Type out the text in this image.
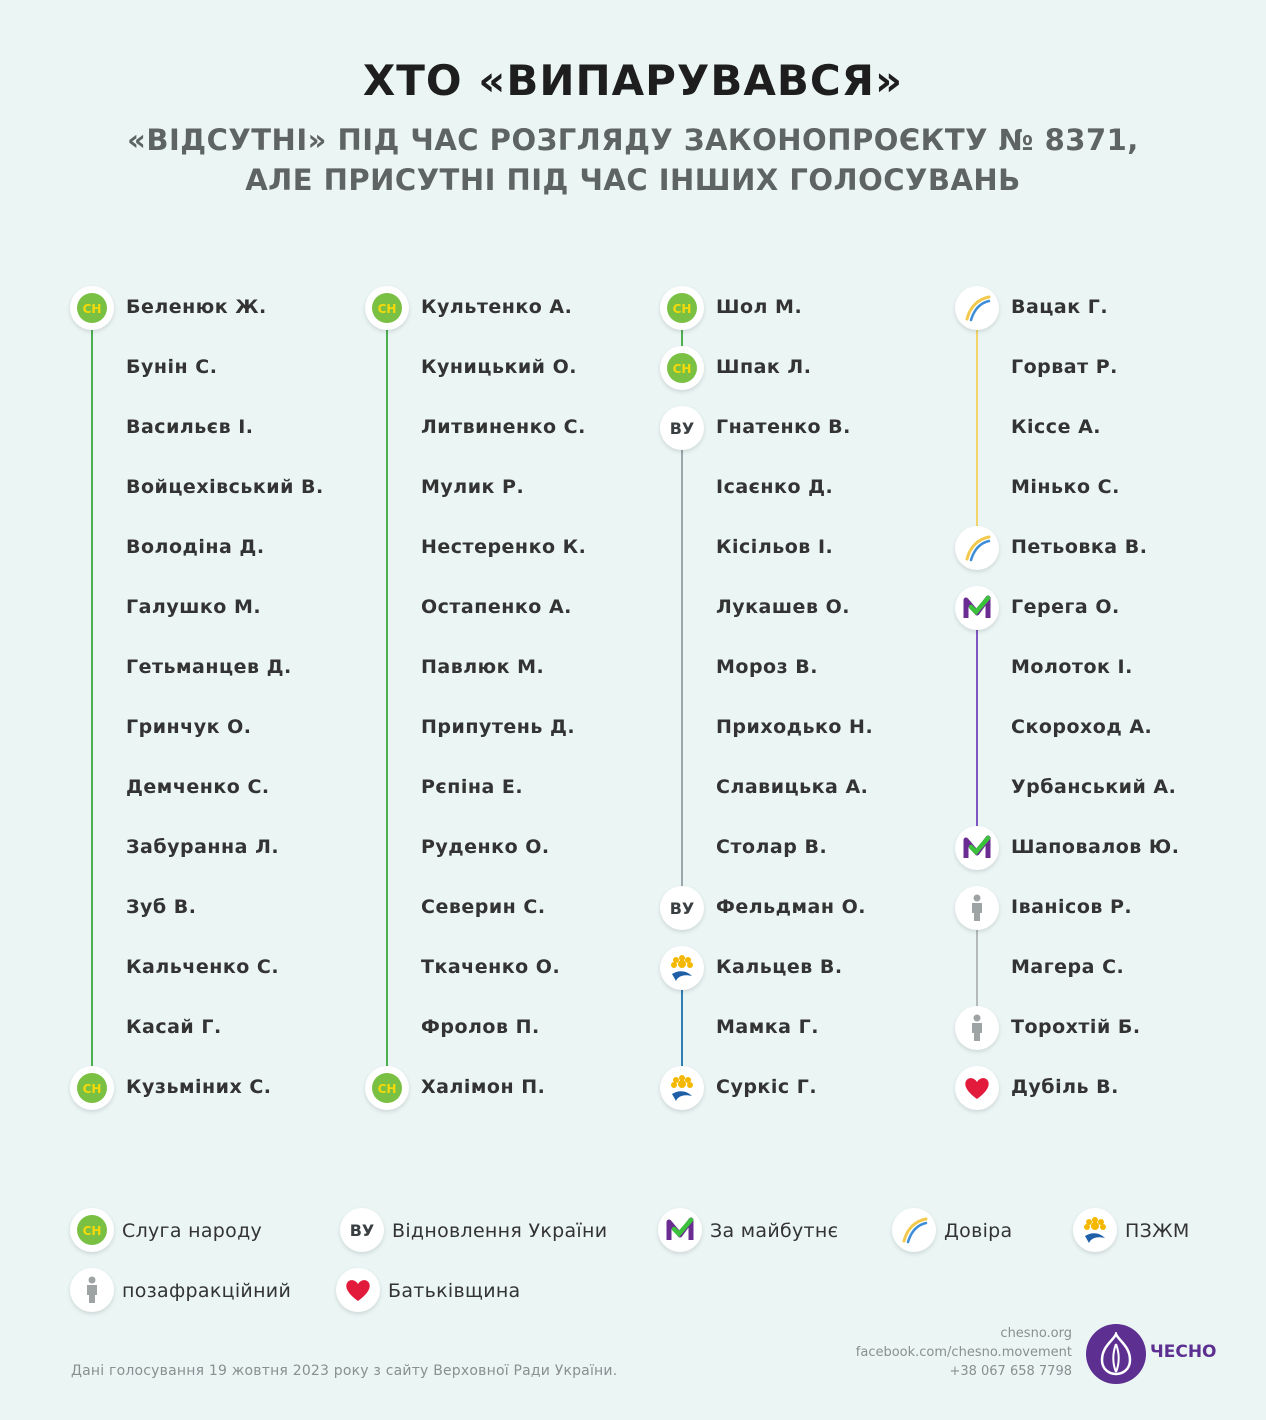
ХТО «ВИПАРУВАВСЯ»
«ВІДСУТНІ» ПІД ЧАС РОЗГЛЯДУ ЗАКОНОПРОЄКТУ № 8371,
АЛЕ ПРИСУТНІ ПІД ЧАС ІНШИХ ГОЛОСУВАНЬ
СН Беленюк Ж.
Бунін С.
Васильєв І.
Войцехівський В.
Володіна Д.
Галушко М.
Гетьманцев Д.
Гринчук О.
Демченко С.
Забуранна Л.
Зуб В.
Кальченко С.
Касай Г.
СН Кузьміних С.
СН Культенко А.
Куницький О.
Литвиненко С.
Мулик Р.
Нестеренко К.
Остапенко А.
Павлюк М.
Припутень Д.
Рєпіна Е.
Руденко О.
Северин С.
Ткаченко О.
Фролов П.
СН Халімон П.
СН Шол М.
СН Шпак Л.
ВУ Гнатенко В.
Ісаєнко Д.
Кісільов І.
Лукашев О.
Мороз В.
Приходько Н.
Славицька А.
Столар В.
ВУ Фельдман О.
Кальцев В.
Мамка Г.
Суркіс Г.
Вацак Г.
Горват Р.
Кіссе А.
Мінько С.
Петьовка В.
Герега О.
Молоток І.
Скороход А.
Урбанський А.
Шаповалов Ю.
Іванісов Р.
Магера С.
Торохтій Б.
Дубіль В.
СН Слуга народу	ВУ Відновлення України	За майбутнє	Довіра	ПЗЖМ
позафракційний	Батьківщина
Дані голосування 19 жовтня 2023 року з сайту Верховної Ради України.
chesno.org
facebook.com/chesno.movement
+38 067 658 7798
ЧЕСНО
